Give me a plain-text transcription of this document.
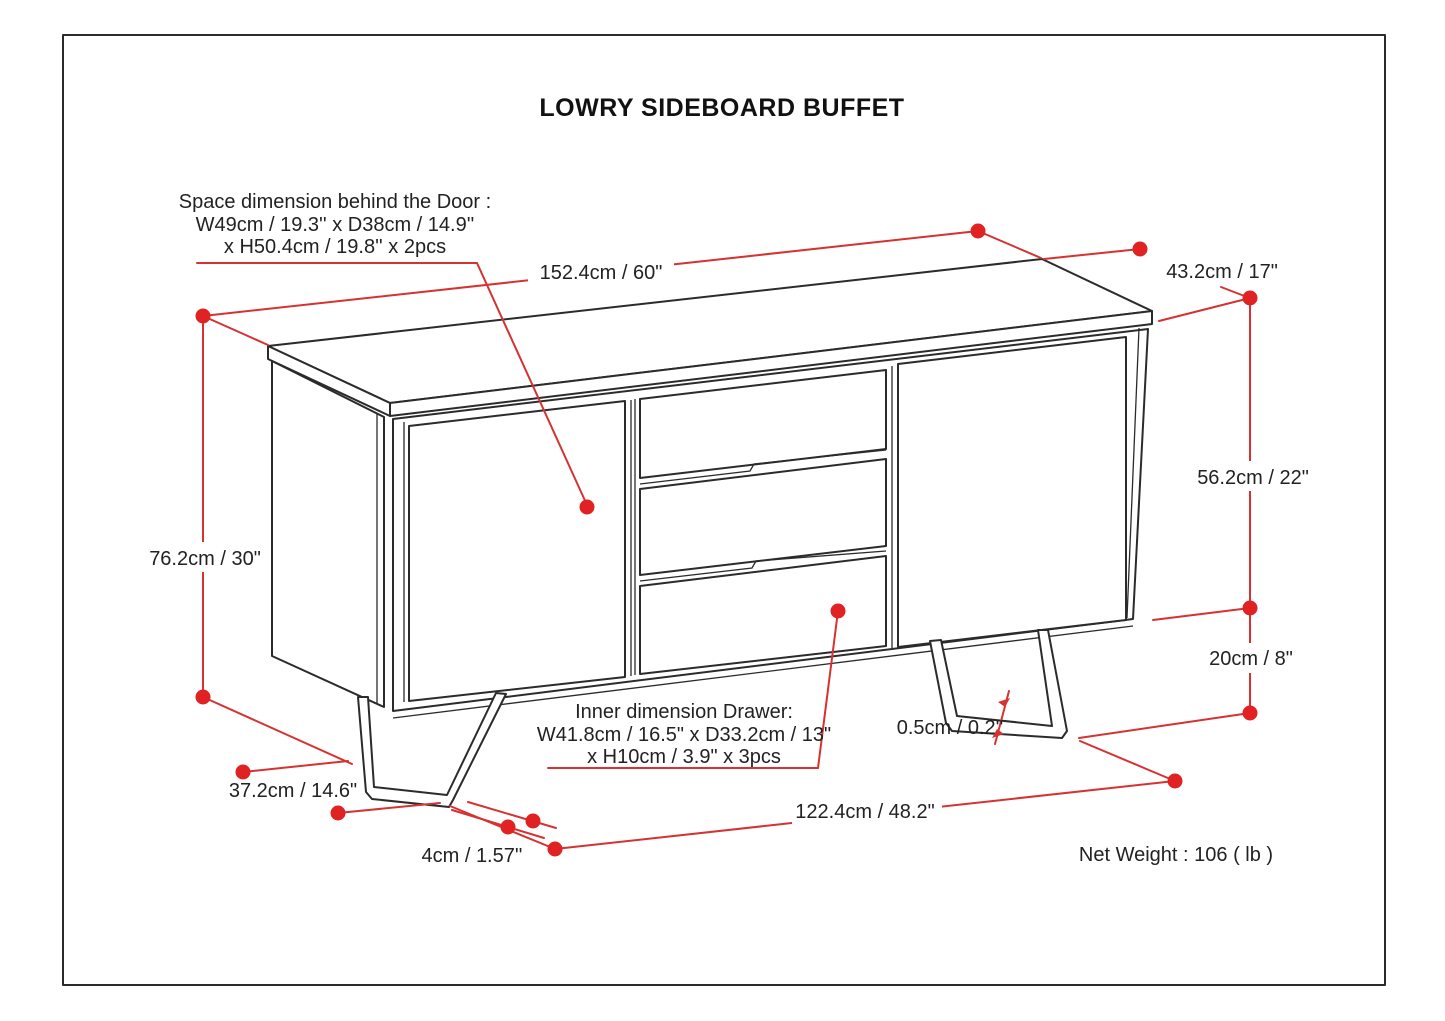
LOWRY SIDEBOARD BUFFET
Space dimension behind the Door :
W49cm / 19.3'' x D38cm / 14.9''
x H50.4cm / 19.8'' x 2pcs
152.4cm / 60"	43.2cm / 17"
56.2cm / 22"
76.2cm / 30"
20cm / 8"
37.2cm / 14.6"
4cm / 1.57''
122.4cm / 48.2"
0.5cm / 0.2''
Inner dimension Drawer:
W41.8cm / 16.5" x D33.2cm / 13"
x H10cm / 3.9" x 3pcs
Net Weight : 106 ( lb )
